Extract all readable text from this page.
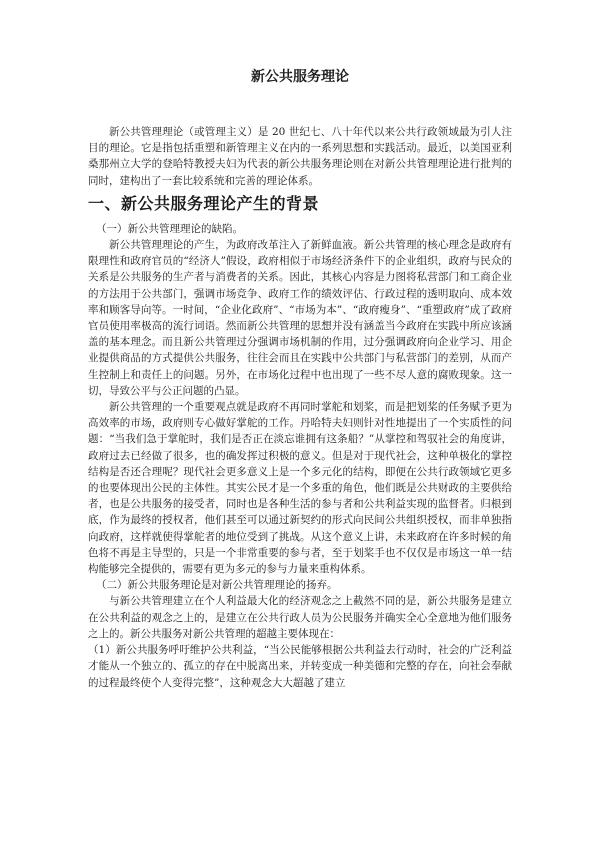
新公共服务理论

新公共管理理论（或管理主义）是 20 世纪七、八十年代以来公共行政领域最为引人注目的理论。它是指包括重塑和新管理主义在内的一系列思想和实践活动。最近，以美国亚利桑那州立大学的登哈特教授夫妇为代表的新公共服务理论则在对新公共管理理论进行批判的同时，建构出了一套比较系统和完善的理论体系。

一、新公共服务理论产生的背景

（一）新公共管理理论的缺陷。

新公共管理理论的产生，为政府改革注入了新鲜血液。新公共管理的核心理念是政府有限理性和政府官员的“经济人”假设，政府相似于市场经济条件下的企业组织，政府与民众的关系是公共服务的生产者与消费者的关系。因此，其核心内容是力图将私营部门和工商企业的方法用于公共部门，强调市场竞争、政府工作的绩效评估、行政过程的透明取向、成本效率和顾客导向等。一时间，“企业化政府”、“市场为本”、“政府瘦身”、“重塑政府”成了政府官员使用率极高的流行词语。然而新公共管理的思想并没有涵盖当今政府在实践中所应该涵盖的基本理念。而且新公共管理过分强调市场机制的作用，过分强调政府向企业学习、用企业提供商品的方式提供公共服务，往往会而且在实践中公共部门与私营部门的差别，从而产生控制上和责任上的问题。另外，在市场化过程中也出现了一些不尽人意的腐败现象。这一切，导致公平与公正问题的凸显。

新公共管理的一个重要观点就是政府不再同时掌舵和划桨，而是把划桨的任务赋予更为高效率的市场，政府则专心做好掌舵的工作。丹哈特夫妇则针对性地提出了一个实质性的问题：“当我们急于掌舵时，我们是否正在淡忘谁拥有这条船？”从掌控和驾驭社会的角度讲，政府过去已经做了很多，也的确发挥过积极的意义。但是对于现代社会，这种单极化的掌控结构是否还合理呢？现代社会更多意义上是一个多元化的结构，即便在公共行政领域它更多的也要体现出公民的主体性。其实公民才是一个多重的角色，他们既是公共财政的主要供给者，也是公共服务的接受者，同时也是各种生活的参与者和公共利益实现的监督者。归根到底，作为最终的授权者，他们甚至可以通过新契约的形式向民间公共组织授权，而非单独指向政府，这样就使得掌舵者的地位受到了挑战。从这个意义上讲，未来政府在许多时候的角色将不再是主导型的，只是一个非常重要的参与者，至于划桨手也不仅仅是市场这一单一结构能够完全提供的，需要有更为多元的参与力量来重构体系。

（二）新公共服务理论是对新公共管理理论的扬弃。

与新公共管理建立在个人利益最大化的经济观念之上截然不同的是，新公共服务是建立在公共利益的观念之上的，是建立在公共行政人员为公民服务并确实全心全意地为他们服务之上的。新公共服务对新公共管理的超越主要体现在：

（1）新公共服务呼吁维护公共利益，“当公民能够根据公共利益去行动时，社会的广泛利益才能从一个独立的、孤立的存在中脱离出来，并转变成一种美德和完整的存在，向社会奉献的过程最终使个人变得完整”，这种观念大大超越了建立
